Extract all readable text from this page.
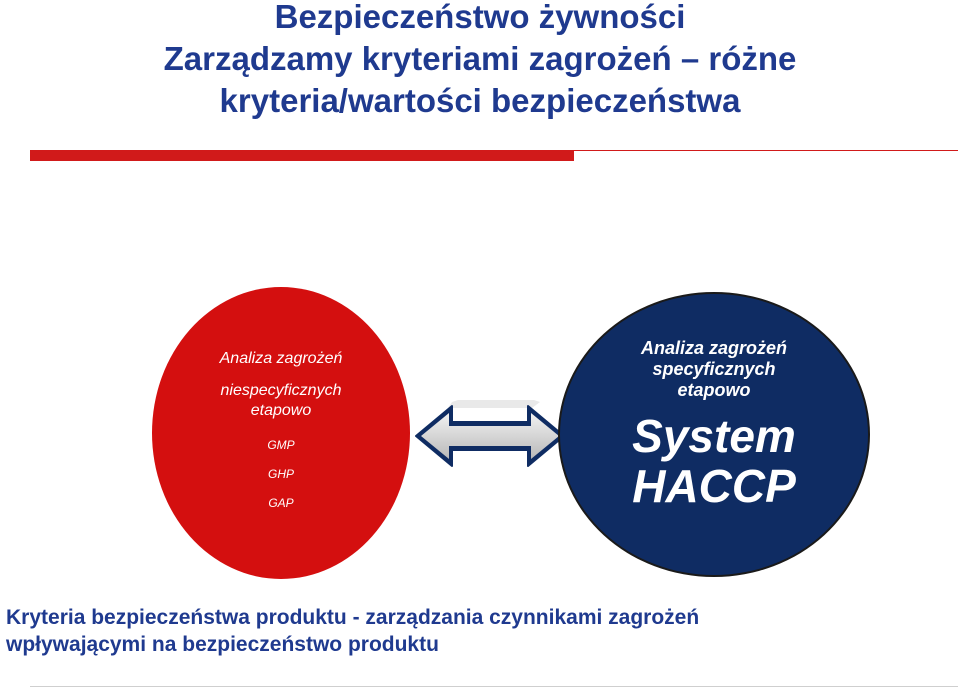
Bezpieczeństwo żywności
Zarządzamy kryteriami zagrożeń – różne
kryteria/wartości bezpieczeństwa
Analiza zagrożeń
niespecyficznych
etapowo
GMP
GHP
GAP
Analiza zagrożeń
specyficznych
etapowo
System
HACCP
Kryteria bezpieczeństwa produktu - zarządzania czynnikami zagrożeń
wpływającymi na bezpieczeństwo produktu
